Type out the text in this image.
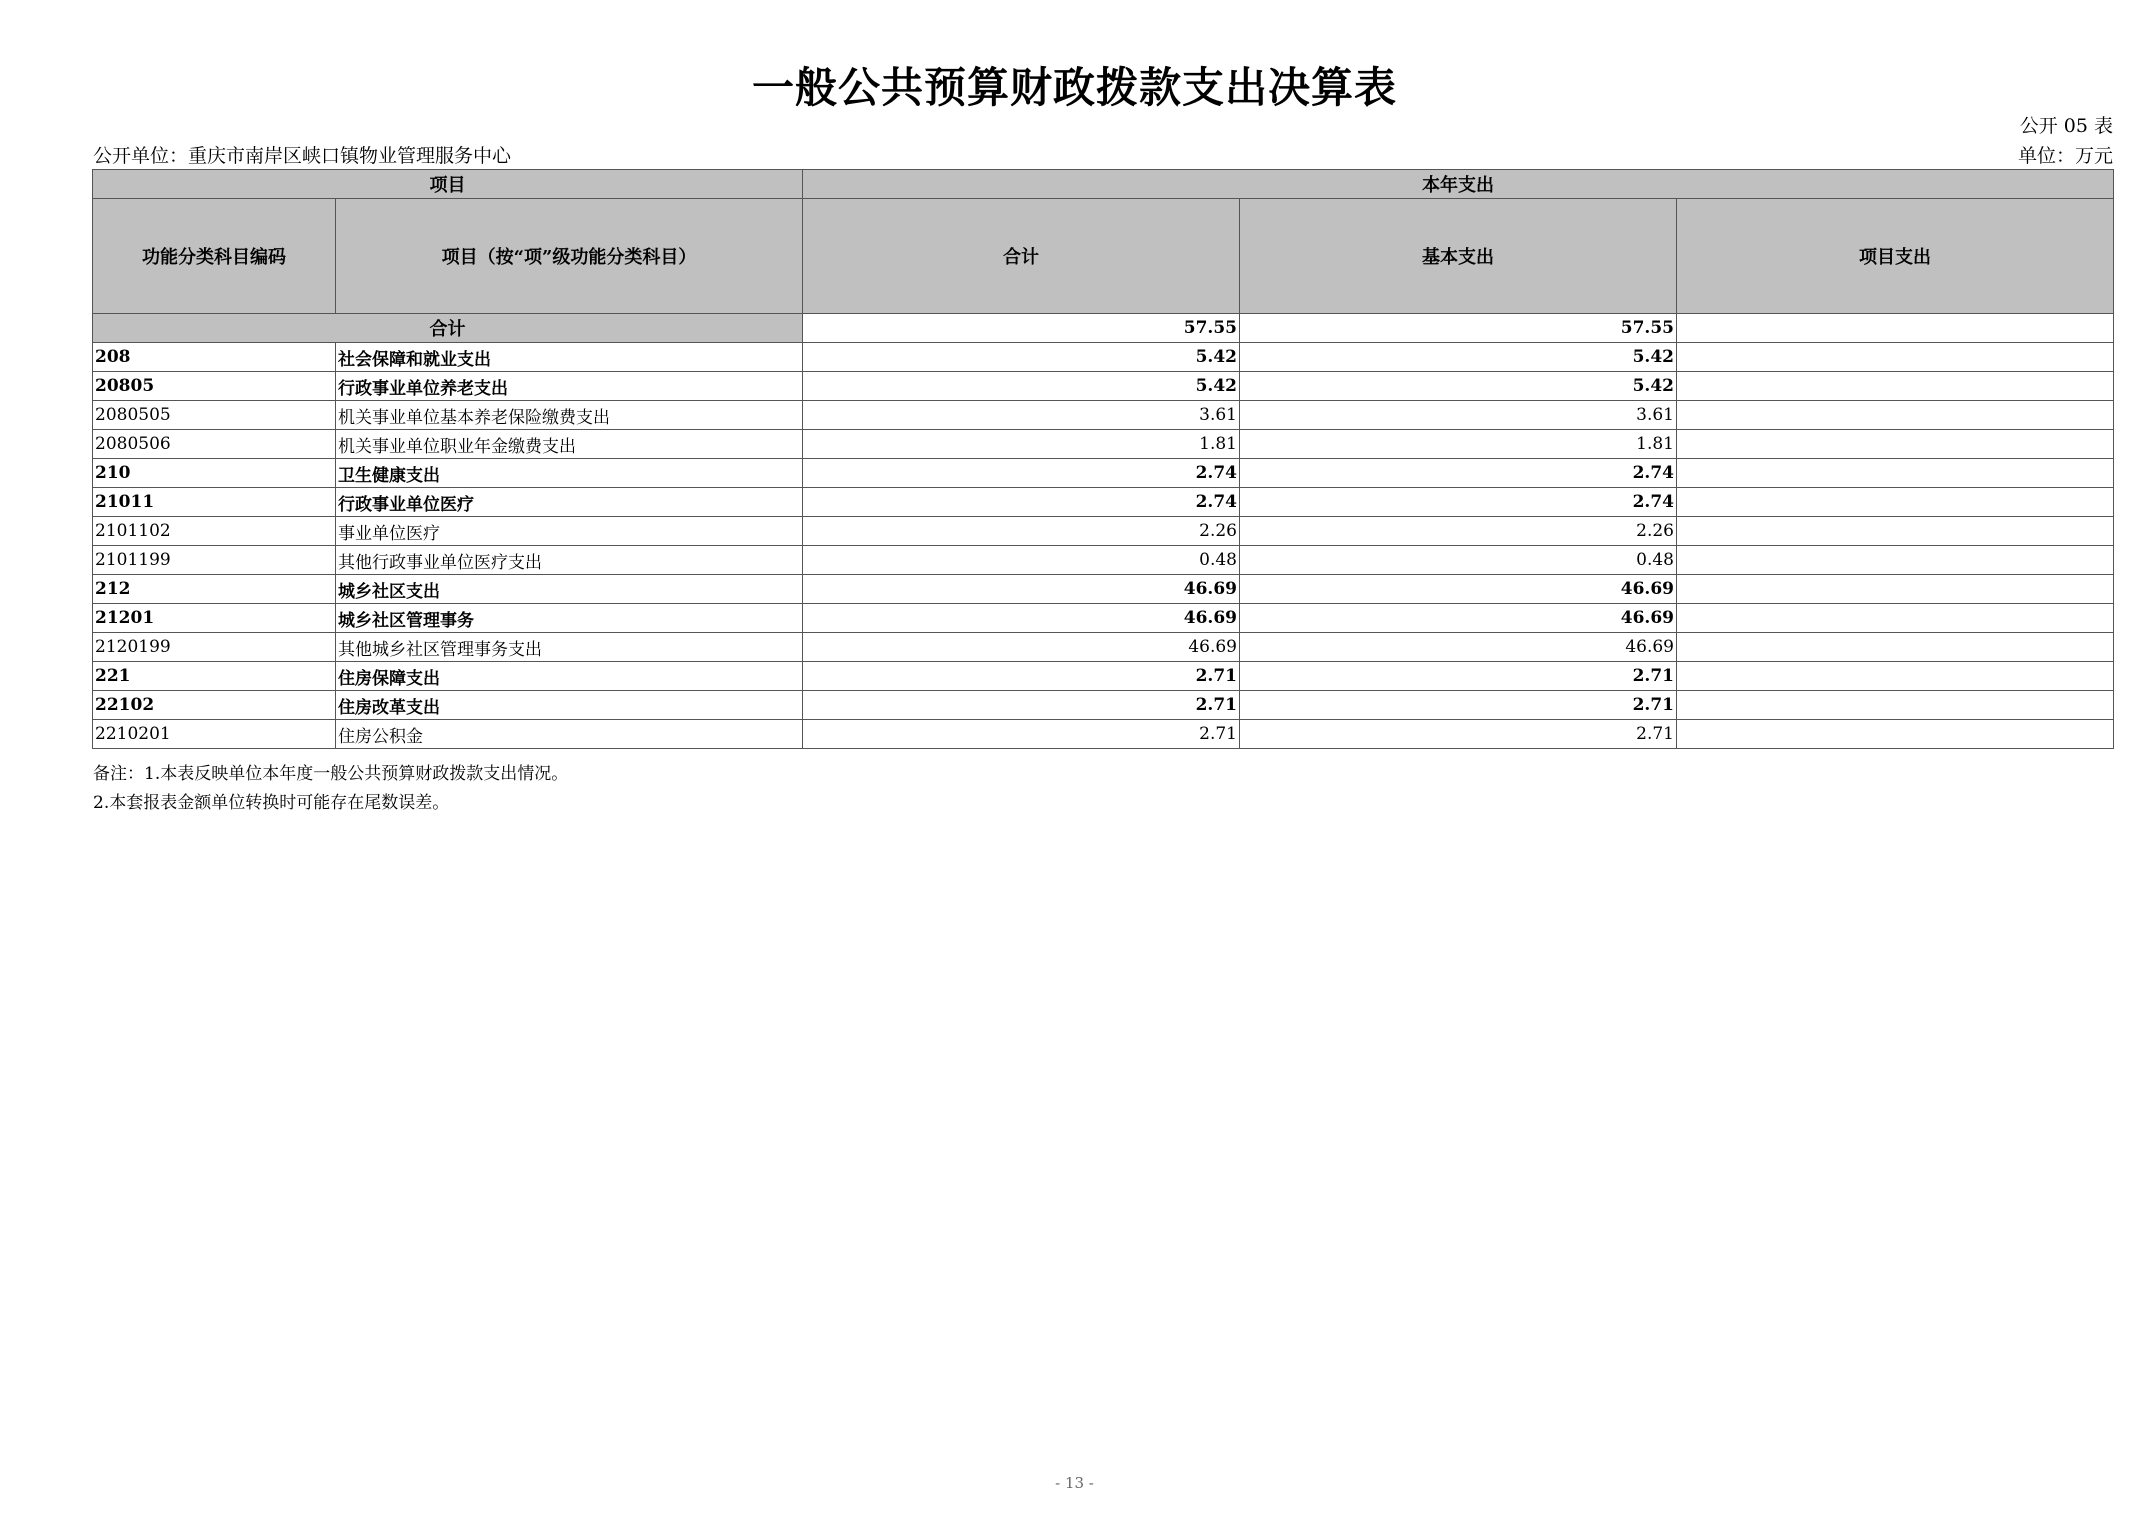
一般公共预算财政拨款支出决算表
公开 05 表
公开单位：重庆市南岸区峡口镇物业管理服务中心	单位：万元
项目		本年支出		
功能分类科目编码	项目（按“项”级功能分类科目）	合计	基本支出	项目支出
合计		57.55	57.55	
208	社会保障和就业支出	5.42	5.42	
20805	行政事业单位养老支出	5.42	5.42	
2080505	机关事业单位基本养老保险缴费支出	3.61	3.61	
2080506	机关事业单位职业年金缴费支出	1.81	1.81	
210	卫生健康支出	2.74	2.74	
21011	行政事业单位医疗	2.74	2.74	
2101102	事业单位医疗	2.26	2.26	
2101199	其他行政事业单位医疗支出	0.48	0.48	
212	城乡社区支出	46.69	46.69	
21201	城乡社区管理事务	46.69	46.69	
2120199	其他城乡社区管理事务支出	46.69	46.69	
221	住房保障支出	2.71	2.71	
22102	住房改革支出	2.71	2.71	
2210201	住房公积金	2.71	2.71	
备注：1.本表反映单位本年度一般公共预算财政拨款支出情况。
2.本套报表金额单位转换时可能存在尾数误差。
- 13 -
